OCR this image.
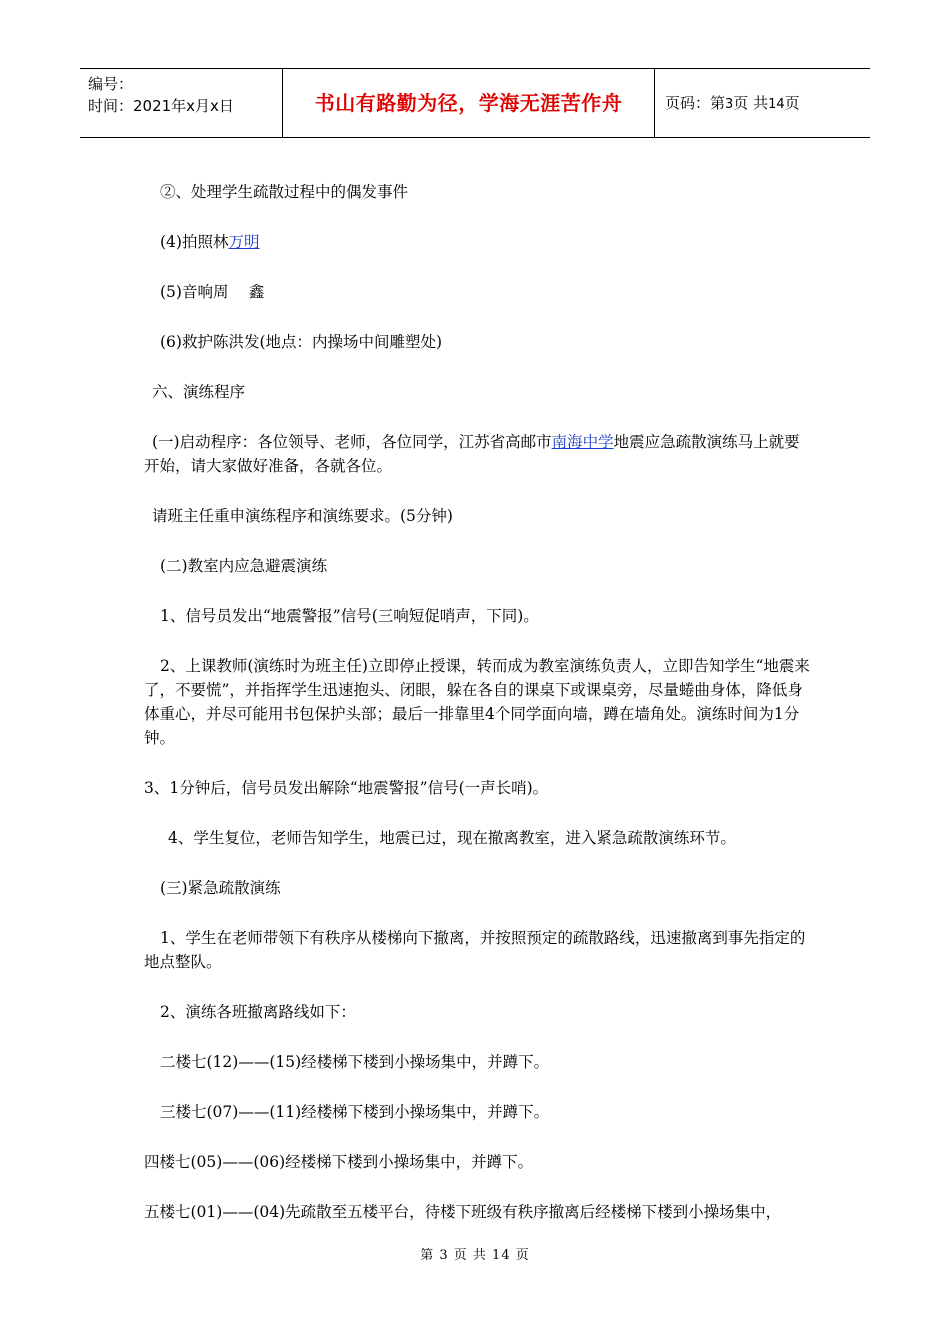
编号：
时间：2021年x月x日	书山有路勤为径，学海无涯苦作舟	页码：第3页 共14页

②、处理学生疏散过程中的偶发事件

(4)拍照林万明

(5)音响周　 鑫

(6)救护陈洪发(地点：内操场中间雕塑处)

六、演练程序

(一)启动程序：各位领导、老师，各位同学，江苏省高邮市南海中学地震应急疏散演练马上就要开始，请大家做好准备，各就各位。

请班主任重申演练程序和演练要求。(5分钟)

(二)教室内应急避震演练

1、信号员发出“地震警报”信号(三响短促哨声，下同)。

2、上课教师(演练时为班主任)立即停止授课，转而成为教室演练负责人，立即告知学生“地震来了，不要慌”，并指挥学生迅速抱头、闭眼，躲在各自的课桌下或课桌旁，尽量蜷曲身体，降低身体重心，并尽可能用书包保护头部；最后一排靠里4个同学面向墙，蹲在墙角处。演练时间为1分钟。

3、1分钟后，信号员发出解除“地震警报”信号(一声长哨)。

4、学生复位，老师告知学生，地震已过，现在撤离教室，进入紧急疏散演练环节。

(三)紧急疏散演练

1、学生在老师带领下有秩序从楼梯向下撤离，并按照预定的疏散路线，迅速撤离到事先指定的地点整队。

2、演练各班撤离路线如下：

二楼七(12)——(15)经楼梯下楼到小操场集中，并蹲下。

三楼七(07)——(11)经楼梯下楼到小操场集中，并蹲下。

四楼七(05)——(06)经楼梯下楼到小操场集中，并蹲下。

五楼七(01)——(04)先疏散至五楼平台，待楼下班级有秩序撤离后经楼梯下楼到小操场集中，

第 3 页 共 14 页
